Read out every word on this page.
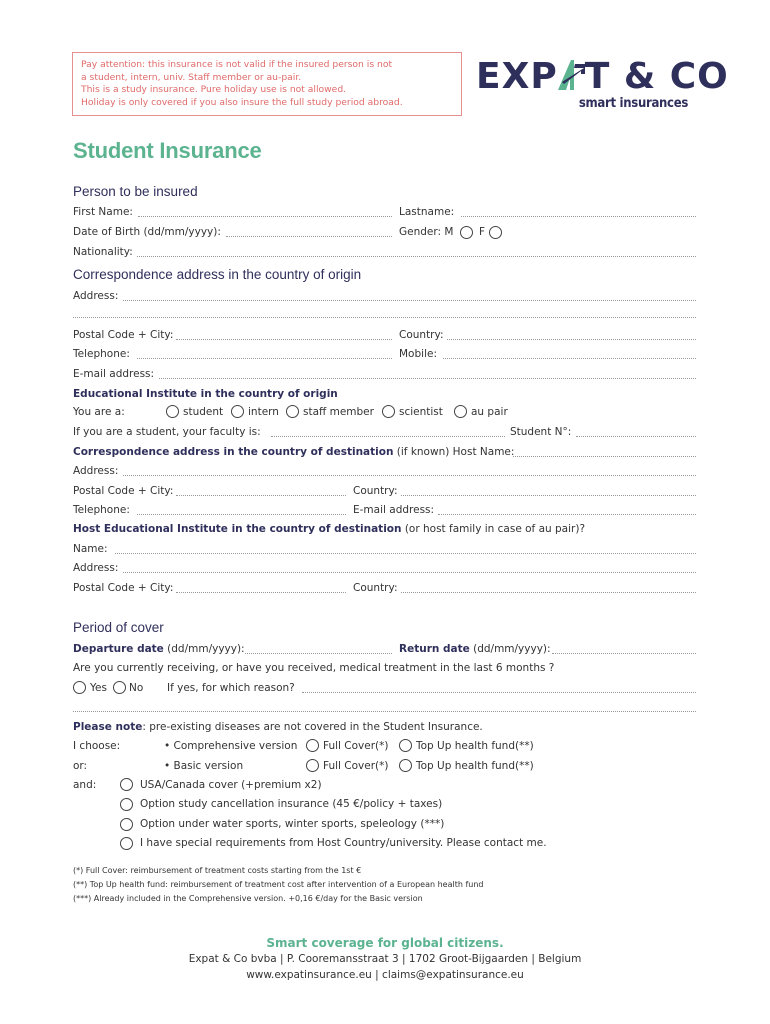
Pay attention: this insurance is not valid if the insured person is not
a student, intern, univ. Staff member or au-pair.
This is a study insurance. Pure holiday use is not allowed.
Holiday is only covered if you also insure the full study period abroad.
EXP T & CO
smart insurances
Student Insurance
Person to be insured
First Name:	Lastname:
Date of Birth (dd/mm/yyyy):	Gender: M F
Nationality:
Correspondence address in the country of origin
Address:
Postal Code + City:	Country:
Telephone:	Mobile:
E-mail address:
Educational Institute in the country of origin
You are a:	student intern staff member scientist	au pair
If you are a student, your faculty is:	Student N°:
Correspondence address in the country of destination (if known) Host Name:
Address:
Postal Code + City:	Country:
Telephone:	E-mail address:
Host Educational Institute in the country of destination (or host family in case of au pair)?
Name:
Address:
Postal Code + City:	Country:
Period of cover
Departure date (dd/mm/yyyy):	Return date (dd/mm/yyyy):
Are you currently receiving, or have you received, medical treatment in the last 6 months ?
Yes No If yes, for which reason?
Please note: pre-existing diseases are not covered in the Student Insurance.
I choose:	• Comprehensive version Full Cover(*)	Top Up health fund(**)
or:	• Basic version	Full Cover(*)	Top Up health fund(**)
and:	USA/Canada cover (+premium x2)
Option study cancellation insurance (45 €/policy + taxes)
Option under water sports, winter sports, speleology (***)
I have special requirements from Host Country/university. Please contact me.
(*) Full Cover: reimbursement of treatment costs starting from the 1st €
(**) Top Up health fund: reimbursement of treatment cost after intervention of a European health fund
(***) Already included in the Comprehensive version. +0,16 €/day for the Basic version
Smart coverage for global citizens.
Expat & Co bvba | P. Cooremansstraat 3 | 1702 Groot-Bijgaarden | Belgium
www.expatinsurance.eu | claims@expatinsurance.eu
